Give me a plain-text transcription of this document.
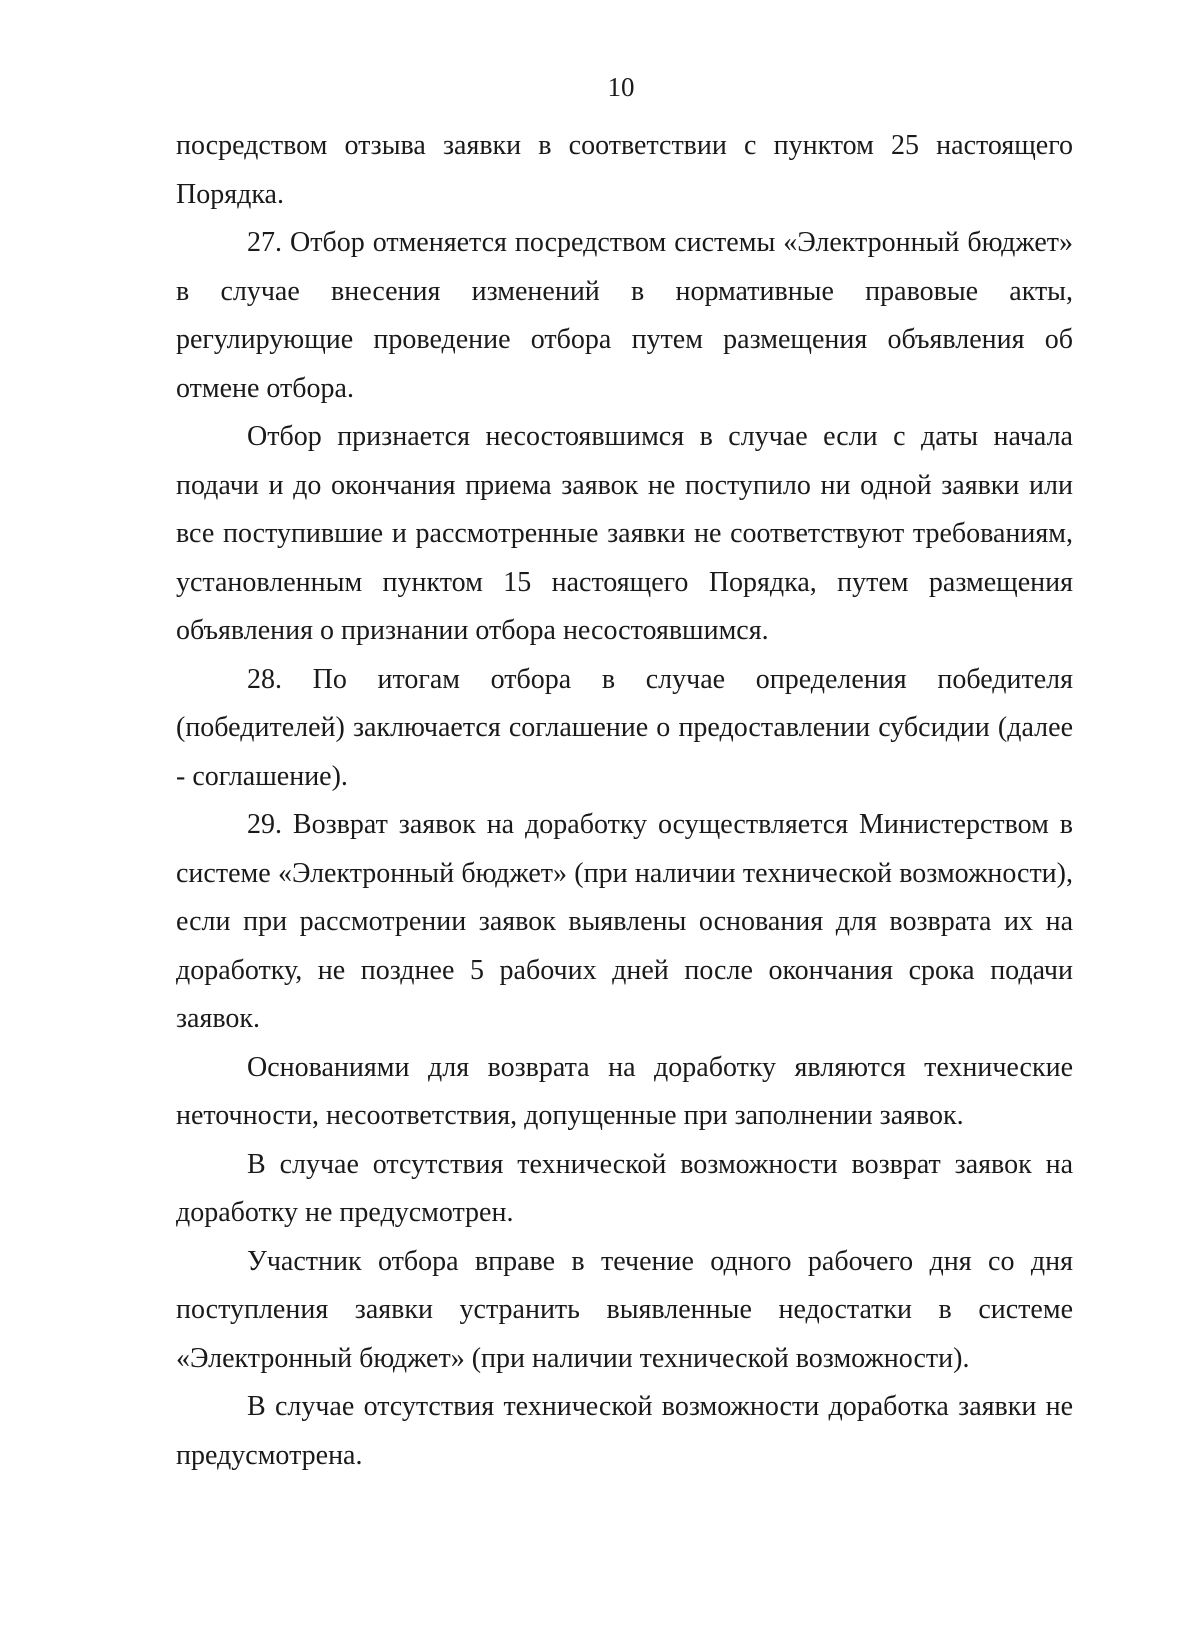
10

посредством отзыва заявки в соответствии с пунктом 25 настоящего Порядка.

27. Отбор отменяется посредством системы «Электронный бюджет» в случае внесения изменений в нормативные правовые акты, регулирующие проведение отбора путем размещения объявления об отмене отбора.

Отбор признается несостоявшимся в случае если с даты начала подачи и до окончания приема заявок не поступило ни одной заявки или все поступившие и рассмотренные заявки не соответствуют требованиям, установленным пунктом 15 настоящего Порядка, путем размещения объявления о признании отбора несостоявшимся.

28. По итогам отбора в случае определения победителя (победителей) заключается соглашение о предоставлении субсидии (далее - соглашение).

29. Возврат заявок на доработку осуществляется Министерством в системе «Электронный бюджет» (при наличии технической возможности), если при рассмотрении заявок выявлены основания для возврата их на доработку, не позднее 5 рабочих дней после окончания срока подачи заявок.

Основаниями для возврата на доработку являются технические неточности, несоответствия, допущенные при заполнении заявок.

В случае отсутствия технической возможности возврат заявок на доработку не предусмотрен.

Участник отбора вправе в течение одного рабочего дня со дня поступления заявки устранить выявленные недостатки в системе «Электронный бюджет» (при наличии технической возможности).

В случае отсутствия технической возможности доработка заявки не предусмотрена.
